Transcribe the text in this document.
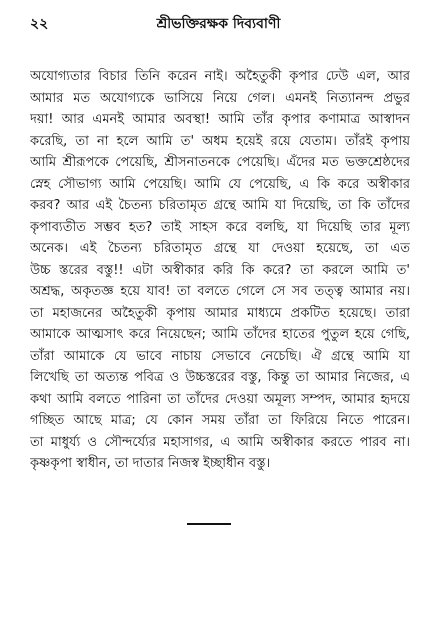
২২	শ্রীভক্তিরক্ষক দিব্যবাণী
অযোগ্যতার বিচার তিনি করেন নাই। অহৈতুকী কৃপার ঢেউ এল, আর
আমার মত অযোগ্যকে ভাসিয়ে নিয়ে গেল। এমনই নিত্যানন্দ প্রভুর
দয়া! আর এমনই আমার অবস্থা! আমি তাঁর কৃপার কণামাত্র আস্বাদন
করেছি, তা না হলে আমি ত' অধম হয়েই রয়ে যেতাম। তাঁরই কৃপায়
আমি শ্রীরূপকে পেয়েছি, শ্রীসনাতনকে পেয়েছি। এঁদের মত ভক্তশ্রেষ্ঠদের
স্নেহ সৌভাগ্য আমি পেয়েছি। আমি যে পেয়েছি, এ কি করে অস্বীকার
করব? আর এই চৈতন্য চরিতামৃত গ্রন্থে আমি যা দিয়েছি, তা কি তাঁদের
কৃপাব্যতীত সম্ভব হত? তাই সাহস করে বলছি, যা দিয়েছি তার মূল্য
অনেক। এই চৈতন্য চরিতামৃত গ্রন্থে যা দেওয়া হয়েছে, তা এত
উচ্চ স্তরের বস্তু!! এটা অস্বীকার করি কি করে? তা করলে আমি ত'
অশ্রদ্ধ, অকৃতজ্ঞ হয়ে যাব! তা বলতে গেলে সে সব তত্ত্ব আমার নয়।
তা মহাজনের অহৈতুকী কৃপায় আমার মাধ্যমে প্রকটিত হয়েছে। তারা
আমাকে আত্মসাৎ করে নিয়েছেন; আমি তাঁদের হাতের পুতুল হয়ে গেছি,
তাঁরা আমাকে যে ভাবে নাচায় সেভাবে নেচেছি। ঐ গ্রন্থে আমি যা
লিখেছি তা অত্যন্ত পবিত্র ও উচ্চস্তরের বস্তু, কিন্তু তা আমার নিজের, এ
কথা আমি বলতে পারিনা তা তাঁদের দেওয়া অমূল্য সম্পদ, আমার হৃদয়ে
গচ্ছিত আছে মাত্র; যে কোন সময় তাঁরা তা ফিরিয়ে নিতে পারেন।
তা মাধুর্য্য ও সৌন্দর্য্যের মহাসাগর, এ আমি অস্বীকার করতে পারব না।
কৃষ্ণকৃপা স্বাধীন, তা দাতার নিজস্ব ইচ্ছাধীন বস্তু।
